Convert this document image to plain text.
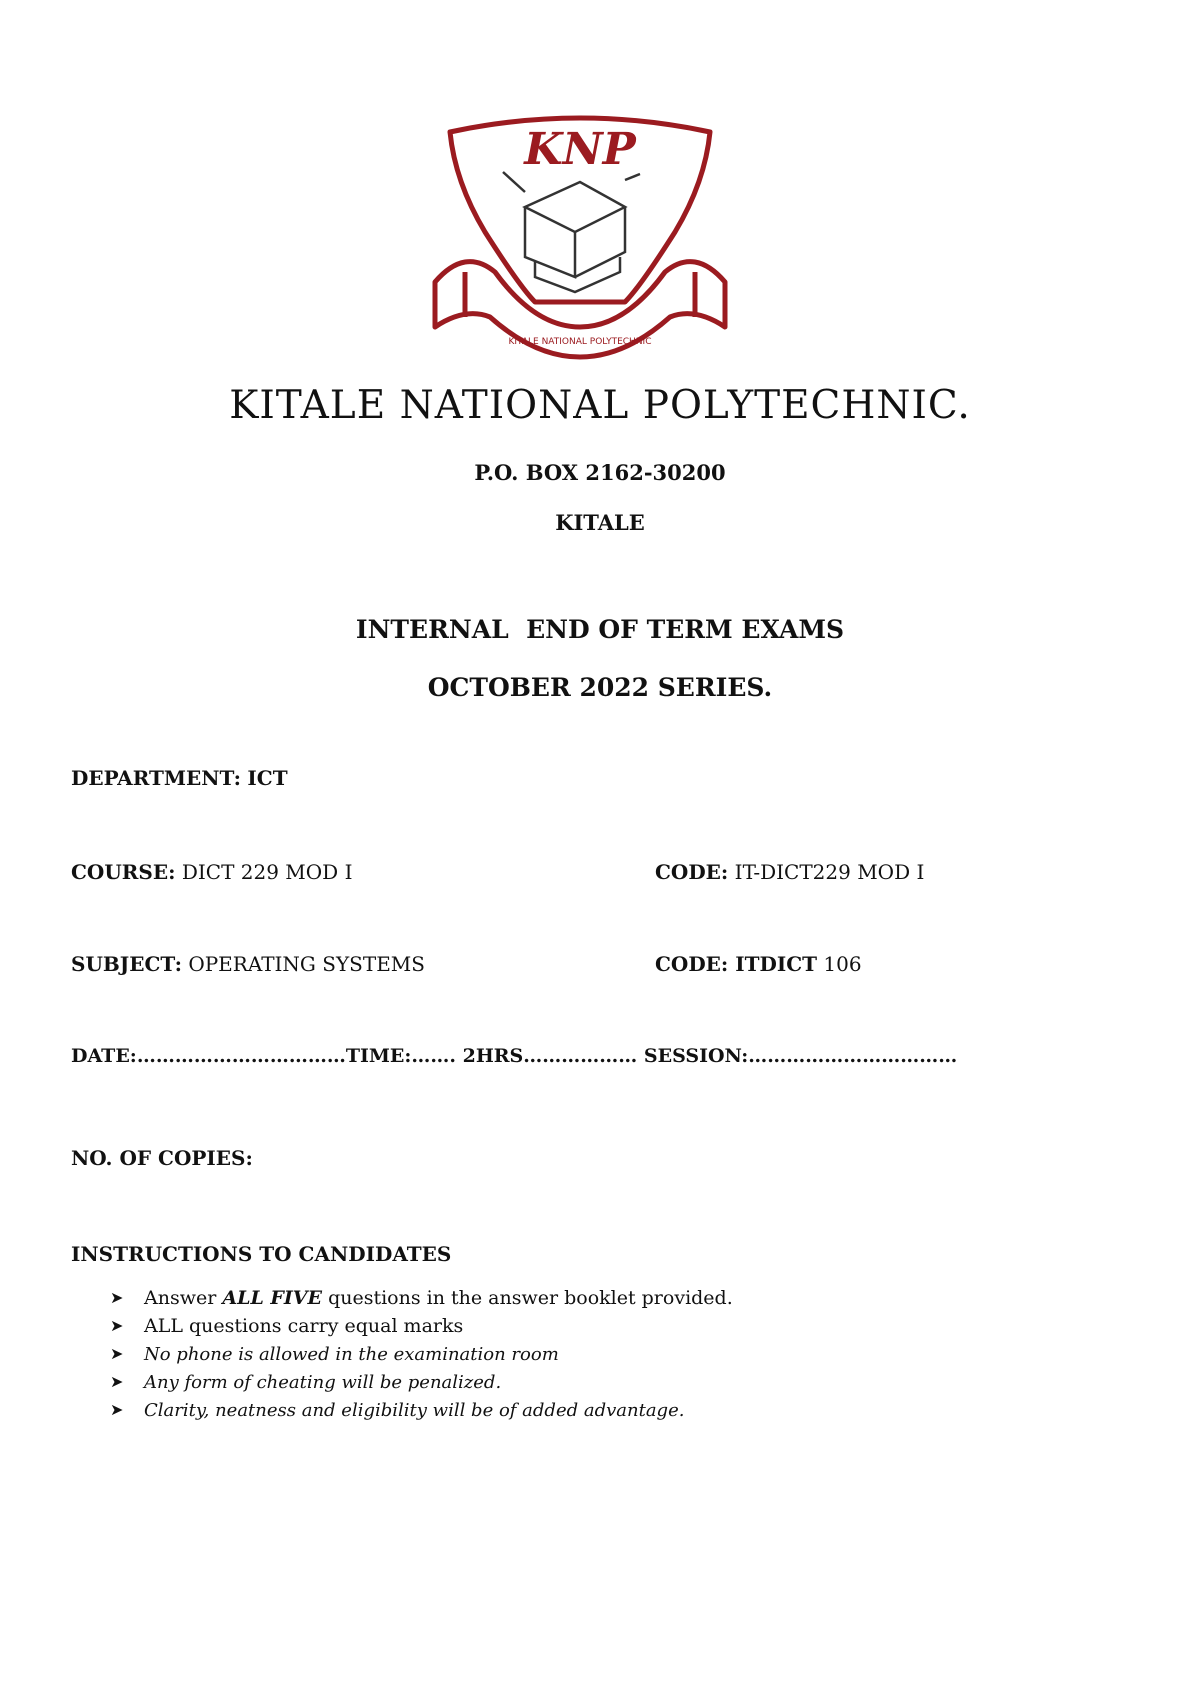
KNP
KITALE NATIONAL POLYTECHNIC
KITALE NATIONAL POLYTECHNIC.
P.O. BOX 2162-30200
KITALE
INTERNAL  END OF TERM EXAMS
OCTOBER 2022 SERIES.
DEPARTMENT: ICT
COURSE: DICT 229 MOD I	CODE: IT-DICT229 MOD I
SUBJECT: OPERATING SYSTEMS	CODE: ITDICT 106
DATE:……………………………TIME:……. 2HRS……………… SESSION:……………………………
NO. OF COPIES:
INSTRUCTIONS TO CANDIDATES
➤ Answer ALL FIVE questions in the answer booklet provided.
➤ ALL questions carry equal marks
➤ No phone is allowed in the examination room
➤ Any form of cheating will be penalized.
➤ Clarity, neatness and eligibility will be of added advantage.
